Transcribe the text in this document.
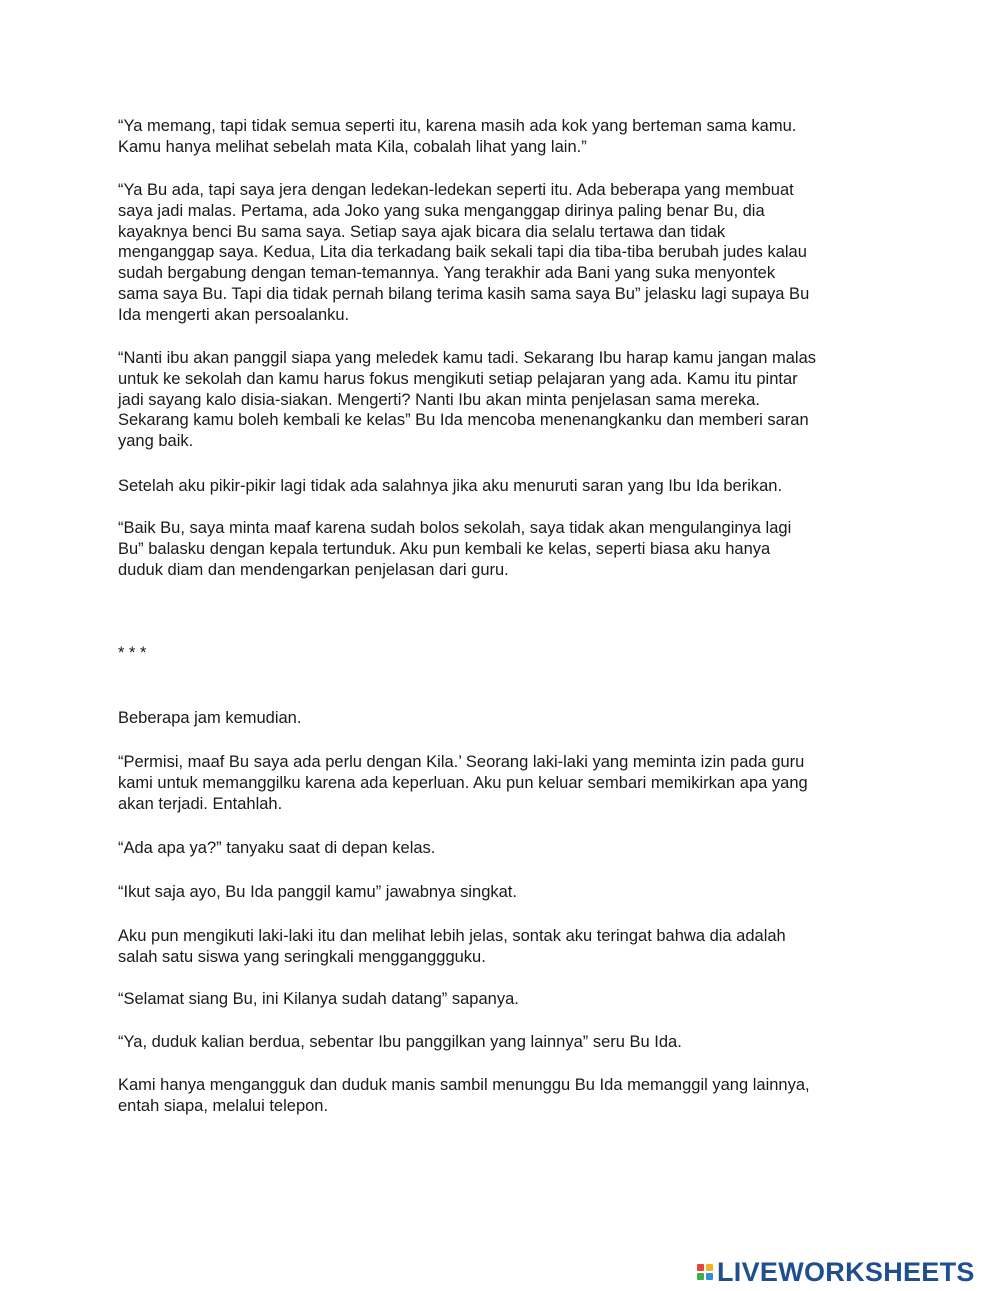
“Ya memang, tapi tidak semua seperti itu, karena masih ada kok yang berteman sama kamu.
Kamu hanya melihat sebelah mata Kila, cobalah lihat yang lain.”

“Ya Bu ada, tapi saya jera dengan ledekan-ledekan seperti itu. Ada beberapa yang membuat
saya jadi malas. Pertama, ada Joko yang suka menganggap dirinya paling benar Bu, dia
kayaknya benci Bu sama saya. Setiap saya ajak bicara dia selalu tertawa dan tidak
menganggap saya. Kedua, Lita dia terkadang baik sekali tapi dia tiba-tiba berubah judes kalau
sudah bergabung dengan teman-temannya. Yang terakhir ada Bani yang suka menyontek
sama saya Bu. Tapi dia tidak pernah bilang terima kasih sama saya Bu” jelasku lagi supaya Bu
Ida mengerti akan persoalanku.

“Nanti ibu akan panggil siapa yang meledek kamu tadi. Sekarang Ibu harap kamu jangan malas
untuk ke sekolah dan kamu harus fokus mengikuti setiap pelajaran yang ada. Kamu itu pintar
jadi sayang kalo disia-siakan. Mengerti? Nanti Ibu akan minta penjelasan sama mereka.
Sekarang kamu boleh kembali ke kelas” Bu Ida mencoba menenangkanku dan memberi saran
yang baik.

Setelah aku pikir-pikir lagi tidak ada salahnya jika aku menuruti saran yang Ibu Ida berikan.

“Baik Bu, saya minta maaf karena sudah bolos sekolah, saya tidak akan mengulanginya lagi
Bu” balasku dengan kepala tertunduk. Aku pun kembali ke kelas, seperti biasa aku hanya
duduk diam dan mendengarkan penjelasan dari guru.

* * *

Beberapa jam kemudian.

“Permisi, maaf Bu saya ada perlu dengan Kila.’ Seorang laki-laki yang meminta izin pada guru
kami untuk memanggilku karena ada keperluan. Aku pun keluar sembari memikirkan apa yang
akan terjadi. Entahlah.

“Ada apa ya?” tanyaku saat di depan kelas.

“Ikut saja ayo, Bu Ida panggil kamu” jawabnya singkat.

Aku pun mengikuti laki-laki itu dan melihat lebih jelas, sontak aku teringat bahwa dia adalah
salah satu siswa yang seringkali mengganggguku.

“Selamat siang Bu, ini Kilanya sudah datang” sapanya.

“Ya, duduk kalian berdua, sebentar Ibu panggilkan yang lainnya” seru Bu Ida.

Kami hanya mengangguk dan duduk manis sambil menunggu Bu Ida memanggil yang lainnya,
entah siapa, melalui telepon.

LIVEWORKSHEETS
